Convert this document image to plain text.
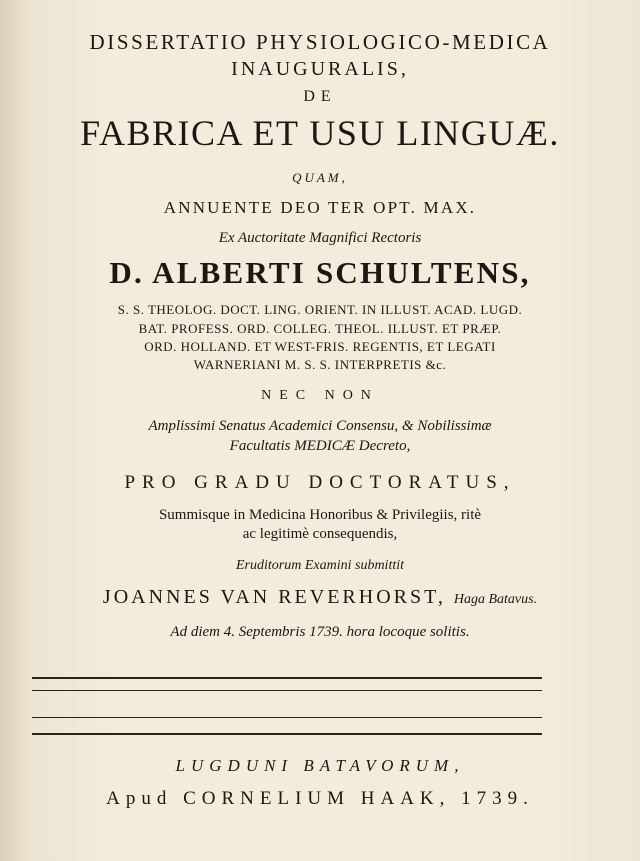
DISSERTATIO PHYSIOLOGICO-MEDICA
INAUGURALIS,
DE
FABRICA ET USU LINGUÆ.
QUAM,
ANNUENTE DEO TER OPT. MAX.
Ex Auctoritate Magnifici Rectoris
D. ALBERTI SCHULTENS,
S. S. THEOLOG. DOCT. LING. ORIENT. IN ILLUST. ACAD. LUGD.
BAT. PROFESS. ORD. COLLEG. THEOL. ILLUST. ET PRÆP.
ORD. HOLLAND. ET WEST-FRIS. REGENTIS, ET LEGATI
WARNERIANI M. S. S. INTERPRETIS &c.
NEC NON
Amplissimi Senatus Academici Consensu, & Nobilissimæ
Facultatis MEDICÆ Decreto,
PRO GRADU DOCTORATUS,
Summisque in Medicina Honoribus & Privilegiis, ritè
ac legitimè consequendis,
Eruditorum Examini submittit
JOANNES VAN REVERHORST, Haga Batavus.
Ad diem 4. Septembris 1739. hora locoque solitis.
LUGDUNI BATAVORUM,
Apud CORNELIUM HAAK, 1739.
